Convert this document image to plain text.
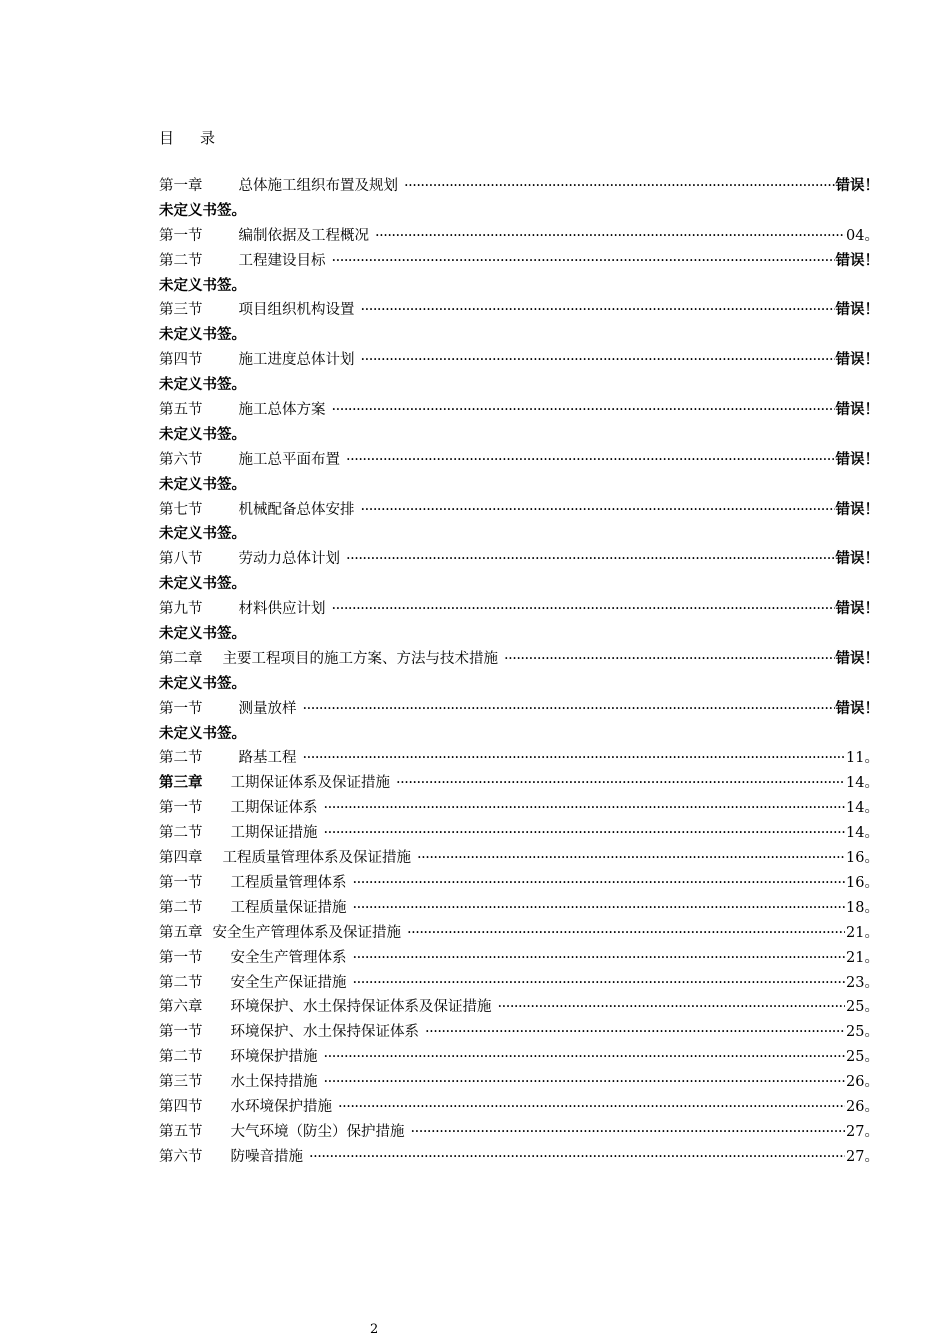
目 录
第一章 总体施工组织布置及规划 ·····	错误！
未定义书签。
第一节 编制依据及工程概况 ·····	04。
第二节 工程建设目标 ·····	错误！
未定义书签。
第三节 项目组织机构设置 ·····	错误！
未定义书签。
第四节 施工进度总体计划 ·····	错误！
未定义书签。
第五节 施工总体方案 ·····	错误！
未定义书签。
第六节 施工总平面布置 ·····	错误！
未定义书签。
第七节 机械配备总体安排 ·····	错误！
未定义书签。
第八节 劳动力总体计划 ·····	错误！
未定义书签。
第九节 材料供应计划 ·····	错误！
未定义书签。
第二章 主要工程项目的施工方案、方法与技术措施 ·····	错误！
未定义书签。
第一节 测量放样 ·····	错误！
未定义书签。
第二节 路基工程 ·····	11。
第三章 工期保证体系及保证措施 ·····	14。
第一节 工期保证体系 ·····	14。
第二节 工期保证措施 ·····	14。
第四章 工程质量管理体系及保证措施 ·····	16。
第一节 工程质量管理体系 ·····	16。
第二节 工程质量保证措施 ·····	18。
第五章 安全生产管理体系及保证措施 ·····	21。
第一节 安全生产管理体系 ·····	21。
第二节 安全生产保证措施 ·····	23。
第六章 环境保护、水土保持保证体系及保证措施 ·····	25。
第一节 环境保护、水土保持保证体系 ·····	25。
第二节 环境保护措施 ·····	25。
第三节 水土保持措施 ·····	26。
第四节 水环境保护措施 ·····	26。
第五节 大气环境（防尘）保护措施 ·····	27。
第六节 防噪音措施 ·····	27。
2
